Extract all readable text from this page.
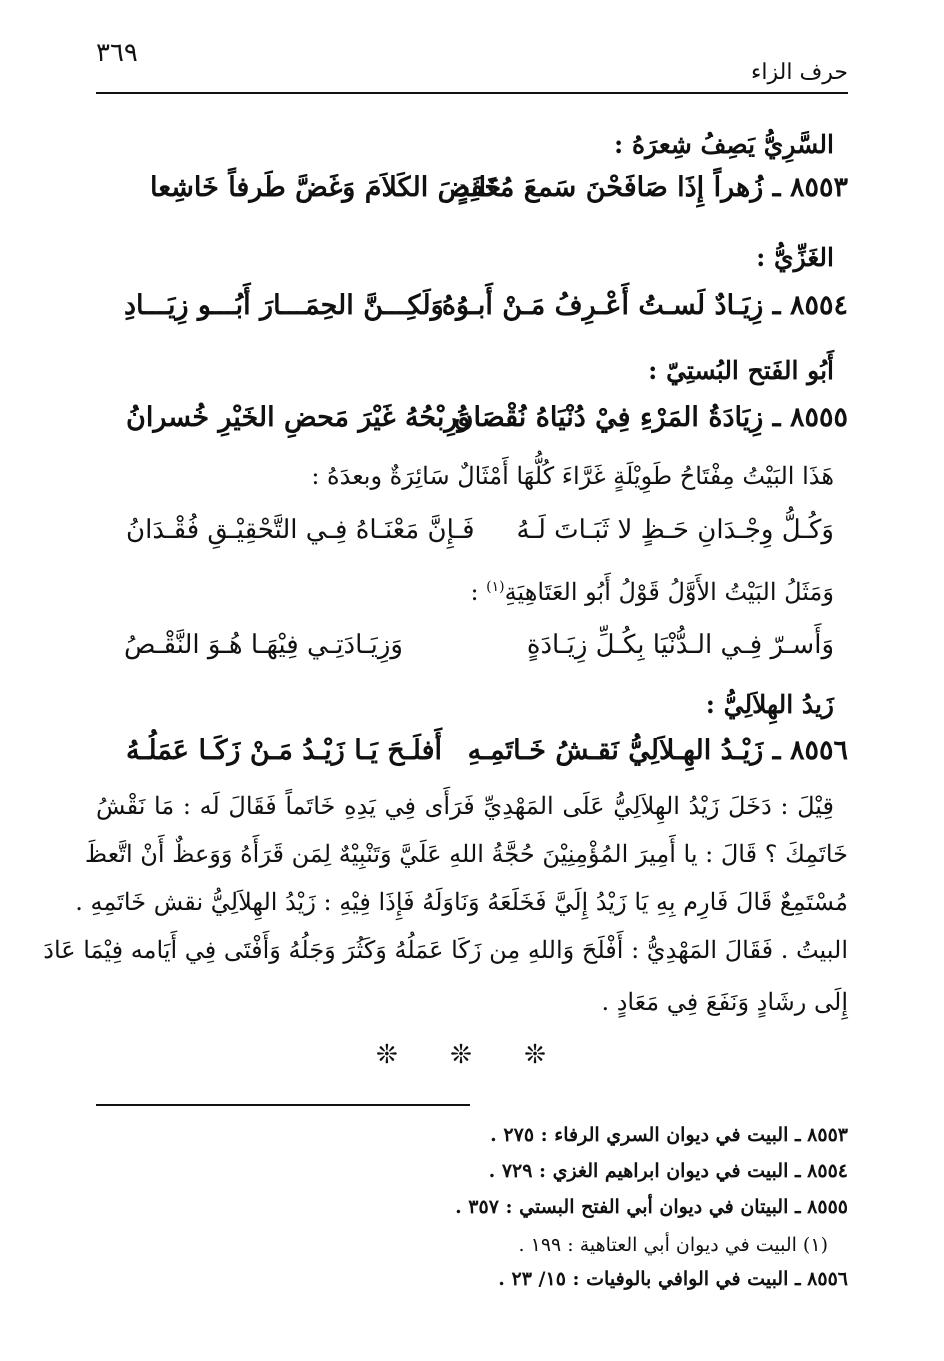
٣٦٩
حرف الزاء
السَّرِيُّ يَصِفُ شِعرَهُ :
٨٥٥٣ ـ زُهراً إِذَا صَافَحْنَ سَمعَ مُعَانِدٍ
خَفَضَ الكَلاَمَ وَغَضَّ طَرفاً خَاشِعا
الغَزِّيُّ :
٨٥٥٤ ـ زِيَـادٌ لَسـتُ أَعْـرِفُ مَـنْ أَبـوُهُ
وَلَكِـــنَّ الحِمَـــارَ أَبُـــو زِيَـــادِ
أَبُو الفَتح البُستِيّ :
٨٥٥٥ ـ زِيَادَةُ المَرْءِ فِيْ دُنْيَاهُ نُقْصَانُ
وَرِبْحُهُ غَيْرَ مَحضِ الخَيْرِ خُسرانُ
هَذَا البَيْتُ مِفْتَاحُ طَوِيْلَةٍ غَرَّاءَ كُلُّهَا أَمْثَالٌ سَائِرَةٌ وبعدَهُ :
وَكُـلُّ وِجْـدَانِ حَـظٍ لا ثَبَـاتَ لَـهُ
فَـإِنَّ مَعْنَـاهُ فِـي التَّحْقِيْـقِ فُقْـدَانُ
وَمَثَلُ البَيْتُ الأَوَّلُ قَوْلُ أَبُو العَتَاهِيَةِ$^{(١)}$ :
وَأَسـرّ فِـي الـدُّنْيَا بِكُـلِّ زِيَـادَةٍ
وَزِيَـادَتِـي فِيْهَـا هُـوَ النَّقْـصُ
زَيدُ الهِلاَلِيُّ :
٨٥٥٦ ـ زَيْـدُ الهِـلاَلِيُّ نَقـشُ خَـاتَمِـهِ
أَفلَـحَ يَـا زَيْـدُ مَـنْ زَكَـا عَمَلُـهُ
قِيْلَ : دَخَلَ زَيْدُ الهِلاَلِيُّ عَلَى المَهْدِيِّ فَرَأَى فِي يَدِهِ خَاتَماً فَقَالَ لَه : مَا نَقْشُ
خَاتَمِكَ ؟ قَالَ : يا أَمِيرَ المُؤْمِنِيْنَ حُجَّةُ اللهِ عَلَيَّ وَتَنْبِيْهٌ لِمَن قَرَأَهُ وَوَعظٌ أَنْ اتَّعظَ
مُسْتَمِعٌ قَالَ فَارِم بِهِ يَا زَيْدُ إِلَيَّ فَخَلَعَهُ وَنَاوَلَهُ فَإِذَا فِيْهِ : زَيْدُ الهِلاَلِيُّ نقش خَاتَمِهِ .
البيتُ . فَقَالَ المَهْدِيُّ : أَفْلَحَ وَاللهِ مِن زَكَا عَمَلُهُ وَكَثُرَ وَجَلُهُ وَأَفْتَى فِي أَيَامه فِيْمَا عَادَ
إِلَى رشَادٍ وَنَفَعَ فِي مَعَادٍ .
❊ ❊ ❊
٨٥٥٣ ـ البيت في ديوان السري الرفاء : ٢٧٥ .
٨٥٥٤ ـ البيت في ديوان ابراهيم الغزي : ٧٢٩ .
٨٥٥٥ ـ البيتان في ديوان أبي الفتح البستي : ٣٥٧ .
(١) البيت في ديوان أبي العتاهية : ١٩٩ .
٨٥٥٦ ـ البيت في الوافي بالوفيات : ١٥/ ٢٣ .
